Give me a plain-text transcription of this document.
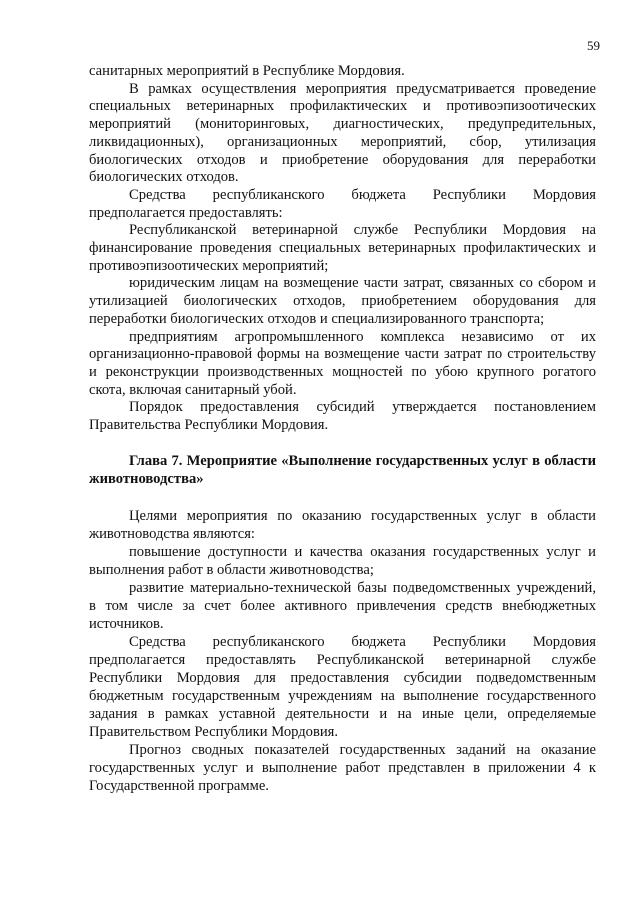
59

санитарных мероприятий в Республике Мордовия.

В рамках осуществления мероприятия предусматривается проведение специальных ветеринарных профилактических и противоэпизоотических мероприятий (мониторинговых, диагностических, предупредительных, ликвидационных), организационных мероприятий, сбор, утилизация биологических отходов и приобретение оборудования для переработки биологических отходов.

Средства республиканского бюджета Республики Мордовия предполагается предоставлять:

Республиканской ветеринарной службе Республики Мордовия на финансирование проведения специальных ветеринарных профилактических и противоэпизоотических мероприятий;

юридическим лицам на возмещение части затрат, связанных со сбором и утилизацией биологических отходов, приобретением оборудования для переработки биологических отходов и специализированного транспорта;

предприятиям агропромышленного комплекса независимо от их организационно-правовой формы на возмещение части затрат по строительству и реконструкции производственных мощностей по убою крупного рогатого скота, включая санитарный убой.

Порядок предоставления субсидий утверждается постановлением Правительства Республики Мордовия.

Глава 7. Мероприятие «Выполнение государственных услуг в области животноводства»

Целями мероприятия по оказанию государственных услуг в области животноводства являются:

повышение доступности и качества оказания государственных услуг и выполнения работ в области животноводства;

развитие материально-технической базы подведомственных учреждений, в том числе за счет более активного привлечения средств внебюджетных источников.

Средства республиканского бюджета Республики Мордовия предполагается предоставлять Республиканской ветеринарной службе Республики Мордовия для предоставления субсидии подведомственным бюджетным государственным учреждениям на выполнение государственного задания в рамках уставной деятельности и на иные цели, определяемые Правительством Республики Мордовия.

Прогноз сводных показателей государственных заданий на оказание государственных услуг и выполнение работ представлен в приложении 4 к Государственной программе.
